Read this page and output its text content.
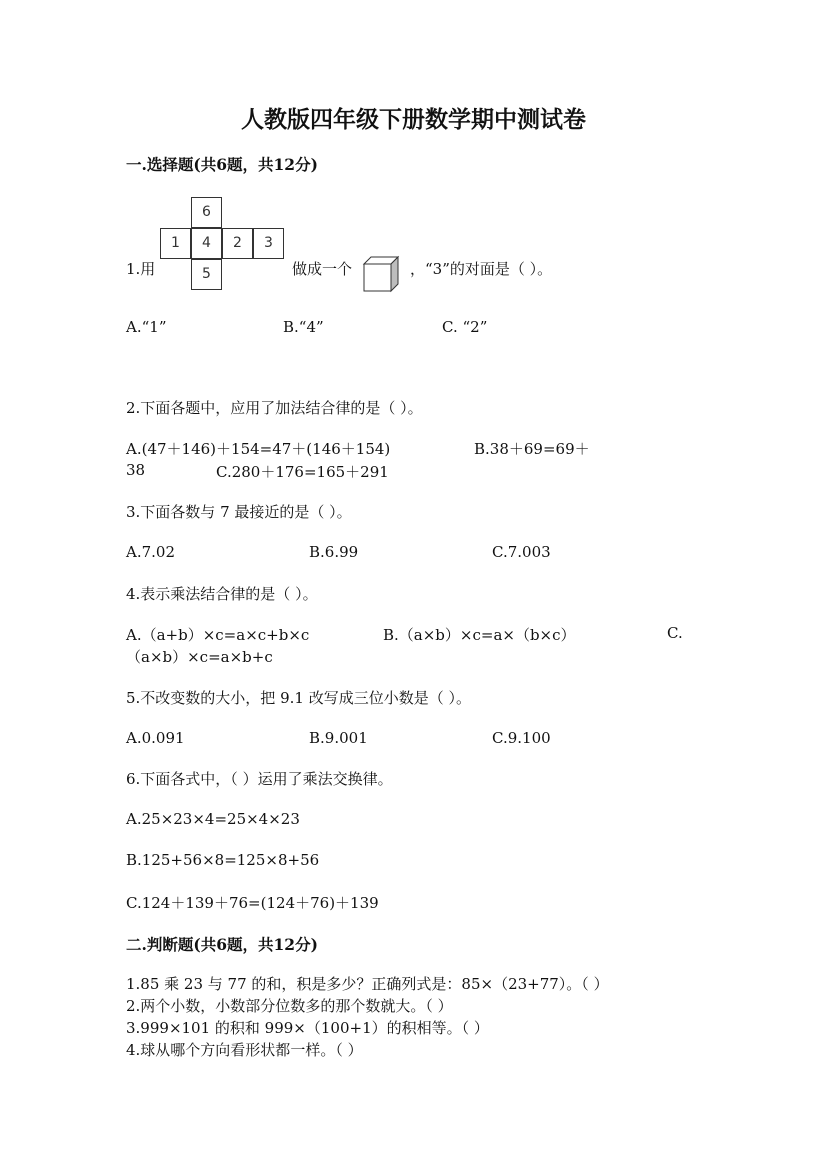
人教版四年级下册数学期中测试卷
一.选择题(共6题，共12分)
1.用
6
1	4	2	3
5	做成一个	，“3”的对面是（ ）。
A.“1”	B.“4”	C. “2”
2.下面各题中，应用了加法结合律的是（ ）。
A.(47＋146)＋154=47＋(146＋154)	B.38＋69=69＋
38	C.280＋176=165＋291
3.下面各数与 7 最接近的是（ ）。
A.7.02	B.6.99	C.7.003
4.表示乘法结合律的是（ ）。
A.（a+b）×c=a×c+b×c	B.（a×b）×c=a×（b×c）	C.
（a×b）×c=a×b+c
5.不改变数的大小，把 9.1 改写成三位小数是（ ）。
A.0.091	B.9.001	C.9.100
6.下面各式中，（ ）运用了乘法交换律。
A.25×23×4=25×4×23
B.125+56×8=125×8+56
C.124＋139＋76=(124＋76)＋139
二.判断题(共6题，共12分)
1.85 乘 23 与 77 的和，积是多少？正确列式是：85×（23+77）。（ ）
2.两个小数，小数部分位数多的那个数就大。（ ）
3.999×101 的积和 999×（100+1）的积相等。（ ）
4.球从哪个方向看形状都一样。（ ）
